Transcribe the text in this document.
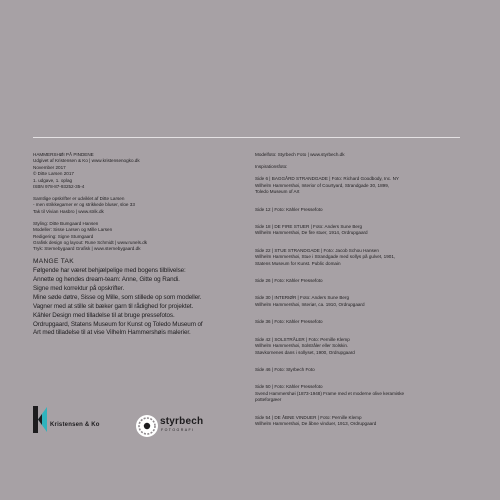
HAMMERSHØI PÅ PINDENE
Udgivet af Kristensen & Ko | www.kristensenogko.dk
November 2017
© Ditte Larsen 2017
1. udgave, 1. oplag
ISBN 978-87-93252-35-4
Samtlige opskrifter er udviklet af Ditte Larsen
- men strikkegarner er og strikkede bluser, sloe 33
Tak til Vivian Hasbro | www.strik.dk
Styling: Ditte Bumgaard Hansen
Modeller: Sisse Larsen og Mille Larsen
Redigering: Signe Stumgaard
Grafisk design og layout: Rune Schmidt | www.runels.dk
Tryk: Sternebygaard Grafisk | www.sternebygaard.dk
MANGE TAK
Følgende har været behjælpelige med bogens tilblivelse:
Annette og hendes dream-team: Anne, Gitte og Randi.
Signe med korrektur på opskrifter.
Mine søde døtre, Sisse og Mille, som stillede op som modeller.
Vagner med at stille sit bæker garn til rådighed for projektet.
Kähler Design med tilladelse til at bruge pressefotos.
Ordrupgaard, Statens Museum for Kunst og Toledo Museum of
Art med tilladelse til at vise Vilhelm Hammershøis malerier.
Modelfoto: Styrbech Foto | www.styrbech.dk
Inspirationsfoto:
Side 6 | BAGGÅRD STRANDGADE | Foto: Richard Goodbody, Inc. NY
Wilhelm Hammershøi, Interior of Courtyard, Strandgade 30, 1899,
Toledo Museum of Art
Side 12 | Foto: Kähler Pressefoto
Side 18 | DE FIRE STUER | Foto: Anders Sune Berg
Wilhelm Hammershøi, De fire stuer, 1914, Ordrupgaard
Side 22 | STUE STRANDGADE | Foto: Jacob Schou Hansen
Wilhelm Hammershøi, Stue i Strandgade med sollys på gulvet, 1901,
Statens Museum for Kunst. Public domain
Side 26 | Foto: Kähler Pressefoto
Side 30 | INTERIØR | Foto: Anders Sune Berg
Wilhelm Hammershøi, Interiør, ca. 1910, Ordrupgaard
Side 36 | Foto: Kähler Pressefoto
Side 42 | SOLSTRÅLER | Foto: Pernille Klemp
Wilhelm Hammershøi, Solstråler eller Solskin.
Støvkornenes dans i sollyset, 1900, Ordrupgaard
Side 46 | Foto: Styrbech Foto
Side 50 | Foto: Kähler Pressefoto
Svend Hammershøi (1873-1948) Frame med et moderne olive keramiske
potteforgæer
Side 54 | DE ÅBNE VINDUER | Foto: Pernille Klemp
Wilhelm Hammershøi, De åbne vinduer, 1913, Ordrupgaard
Kristensen & Ko	styrbech
FOTOGRAFI
